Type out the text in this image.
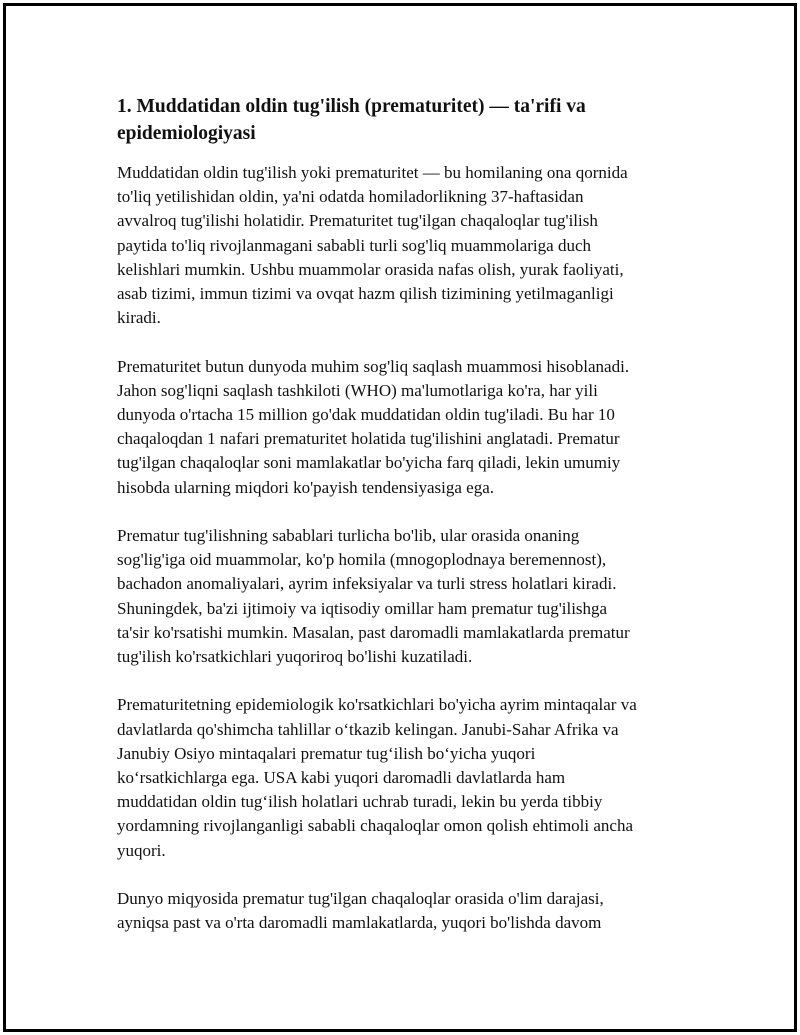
1. Muddatidan oldin tug'ilish (prematuritet) — ta'rifi va
epidemiologiyasi

Muddatidan oldin tug'ilish yoki prematuritet — bu homilaning ona qornida
to'liq yetilishidan oldin, ya'ni odatda homiladorlikning 37-haftasidan
avvalroq tug'ilishi holatidir. Prematuritet tug'ilgan chaqaloqlar tug'ilish
paytida to'liq rivojlanmagani sababli turli sog'liq muammolariga duch
kelishlari mumkin. Ushbu muammolar orasida nafas olish, yurak faoliyati,
asab tizimi, immun tizimi va ovqat hazm qilish tizimining yetilmaganligi
kiradi.

Prematuritet butun dunyoda muhim sog'liq saqlash muammosi hisoblanadi.
Jahon sog'liqni saqlash tashkiloti (WHO) ma'lumotlariga ko'ra, har yili
dunyoda o'rtacha 15 million go'dak muddatidan oldin tug'iladi. Bu har 10
chaqaloqdan 1 nafari prematuritet holatida tug'ilishini anglatadi. Prematur
tug'ilgan chaqaloqlar soni mamlakatlar bo'yicha farq qiladi, lekin umumiy
hisobda ularning miqdori ko'payish tendensiyasiga ega.

Prematur tug'ilishning sabablari turlicha bo'lib, ular orasida onaning
sog'lig'iga oid muammolar, ko'p homila (mnogoplodnaya beremennost),
bachadon anomaliyalari, ayrim infeksiyalar va turli stress holatlari kiradi.
Shuningdek, ba'zi ijtimoiy va iqtisodiy omillar ham prematur tug'ilishga
ta'sir ko'rsatishi mumkin. Masalan, past daromadli mamlakatlarda prematur
tug'ilish ko'rsatkichlari yuqoriroq bo'lishi kuzatiladi.

Prematuritetning epidemiologik ko'rsatkichlari bo'yicha ayrim mintaqalar va
davlatlarda qo'shimcha tahlillar o‘tkazib kelingan. Janubi-Sahar Afrika va
Janubiy Osiyo mintaqalari prematur tug‘ilish bo‘yicha yuqori
ko‘rsatkichlarga ega. USA kabi yuqori daromadli davlatlarda ham
muddatidan oldin tug‘ilish holatlari uchrab turadi, lekin bu yerda tibbiy
yordamning rivojlanganligi sababli chaqaloqlar omon qolish ehtimoli ancha
yuqori.

Dunyo miqyosida prematur tug'ilgan chaqaloqlar orasida o'lim darajasi,
ayniqsa past va o'rta daromadli mamlakatlarda, yuqori bo'lishda davom
